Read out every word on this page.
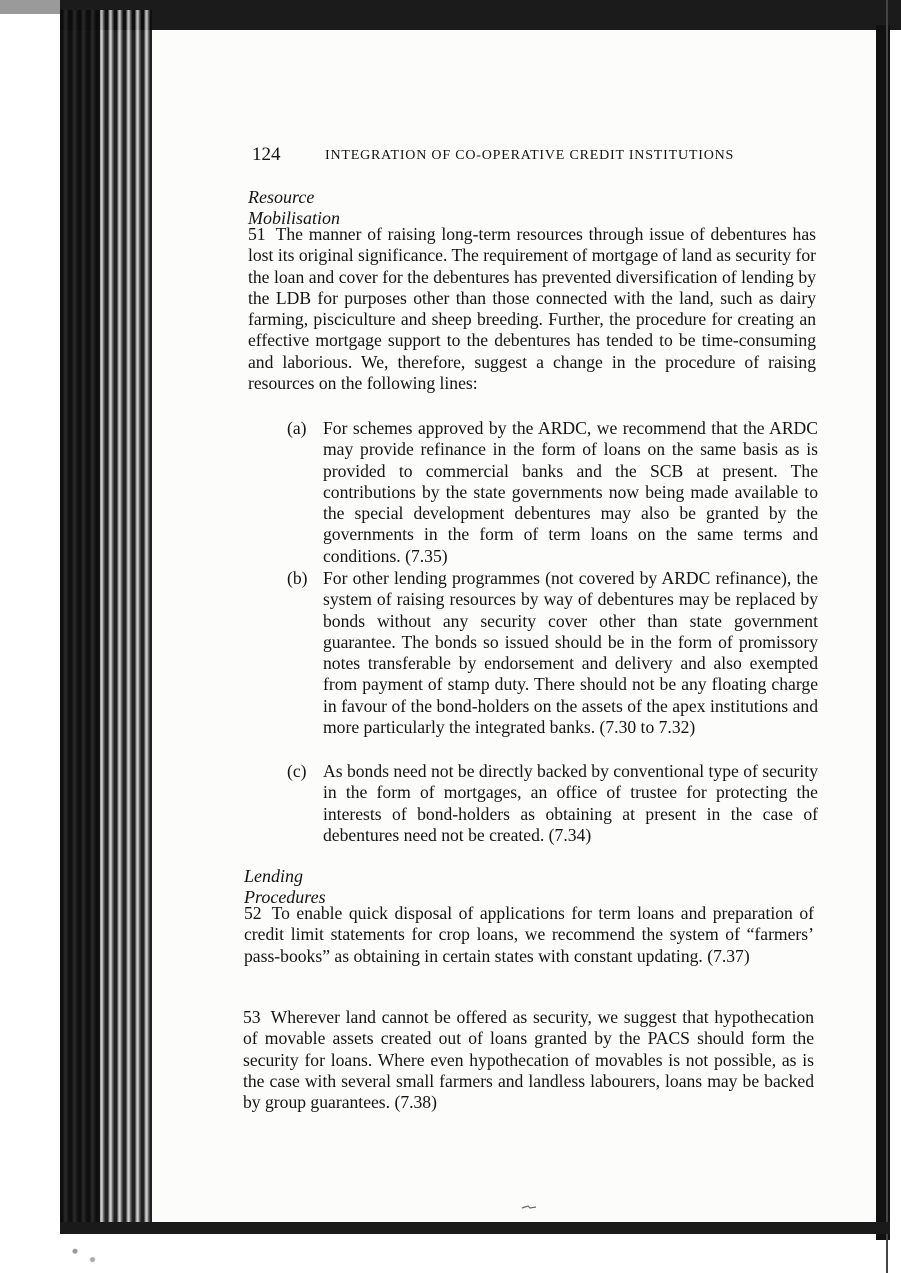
124	INTEGRATION OF CO-OPERATIVE CREDIT INSTITUTIONS
Resource Mobilisation
51 The manner of raising long-term resources through issue of debentures has lost its original significance. The requirement of mortgage of land as security for the loan and cover for the debentures has prevented diversification of lending by the LDB for purposes other than those connected with the land, such as dairy farming, pisciculture and sheep breeding. Further, the procedure for creating an effective mortgage support to the debentures has tended to be time-consuming and laborious. We, therefore, suggest a change in the procedure of raising resources on the following lines:
(a) For schemes approved by the ARDC, we recommend that the ARDC may provide refinance in the form of loans on the same basis as is provided to commercial banks and the SCB at present. The contributions by the state governments now being made available to the special development debentures may also be granted by the governments in the form of term loans on the same terms and conditions. (7.35)
(b) For other lending programmes (not covered by ARDC refinance), the system of raising resources by way of debentures may be replaced by bonds without any security cover other than state government guarantee. The bonds so issued should be in the form of promissory notes transferable by endorsement and delivery and also exempted from payment of stamp duty. There should not be any floating charge in favour of the bond-holders on the assets of the apex institutions and more particularly the integrated banks. (7.30 to 7.32)
(c) As bonds need not be directly backed by conventional type of security in the form of mortgages, an office of trustee for protecting the interests of bond-holders as obtaining at present in the case of debentures need not be created. (7.34)
Lending Procedures
52 To enable quick disposal of applications for term loans and preparation of credit limit statements for crop loans, we recommend the system of “farmers’ pass-books” as obtaining in certain states with constant updating. (7.37)
53 Wherever land cannot be offered as security, we suggest that hypothecation of movable assets created out of loans granted by the PACS should form the security for loans. Where even hypothecation of movables is not possible, as is the case with several small farmers and landless labourers, loans may be backed by group guarantees. (7.38)
